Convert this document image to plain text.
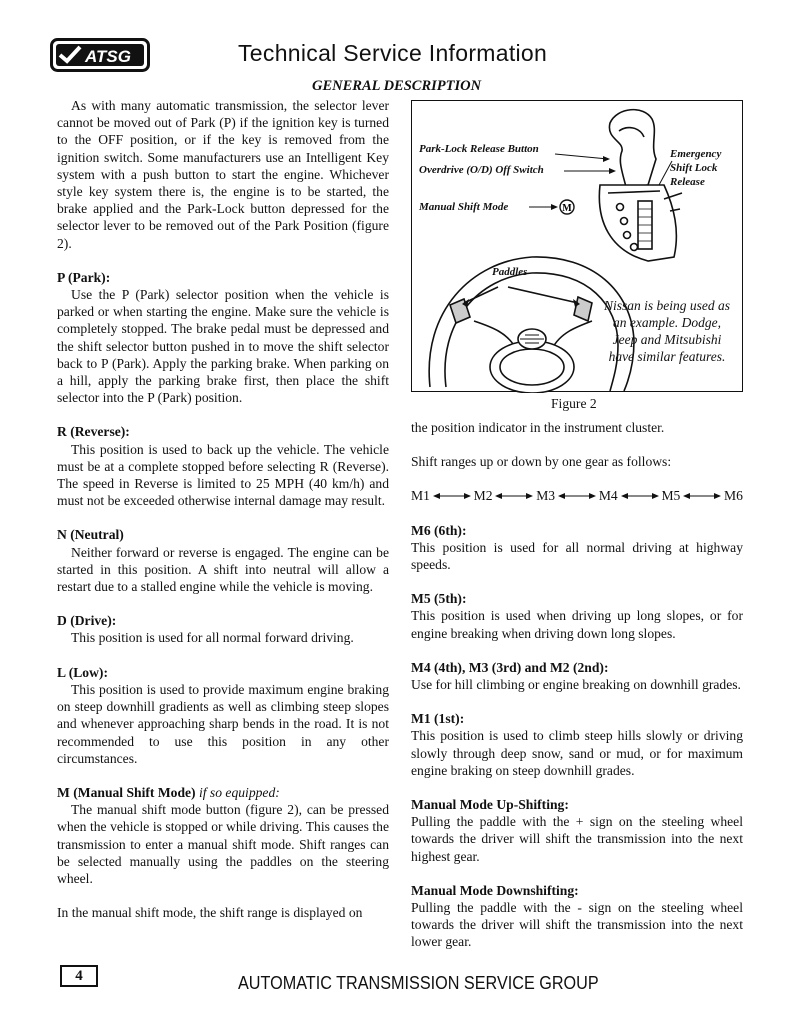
ATSG	Technical Service Information
GENERAL DESCRIPTION

As with many automatic transmission, the selector lever cannot be moved out of Park (P) if the ignition key is turned to the OFF position, or if the key is removed from the ignition switch. Some manufacturers use an Intelligent Key system with a push button to start the engine. Whichever style key system there is, the engine is to be started, the brake applied and the Park-Lock button depressed for the selector lever to be removed out of the Park Position (figure 2).

P (Park):

Use the P (Park) selector position when the vehicle is parked or when starting the engine. Make sure the vehicle is completely stopped. The brake pedal must be depressed and the shift selector button pushed in to move the shift selector back to P (Park). Apply the parking brake. When parking on a hill, apply the parking brake first, then place the shift selector into the P (Park) position.

R (Reverse):

This position is used to back up the vehicle. The vehicle must be at a complete stopped before selecting R (Reverse). The speed in Reverse is limited to 25 MPH (40 km/h) and must not be exceeded otherwise internal damage may result.

N (Neutral)

Neither forward or reverse is engaged. The engine can be started in this position. A shift into neutral will allow a restart due to a stalled engine while the vehicle is moving.

D (Drive):

This position is used for all normal forward driving.

L (Low):

This position is used to provide maximum engine braking on steep downhill gradients as well as climbing steep slopes and whenever approaching sharp bends in the road. It is not recommended to use this position in any other circumstances.

M (Manual Shift Mode) if so equipped:

The manual shift mode button (figure 2), can be pressed when the vehicle is stopped or while driving. This causes the transmission to enter a manual shift mode. Shift ranges can be selected manually using the paddles on the steering wheel.

In the manual shift mode, the shift range is displayed on

M
Park-Lock Release Button
Overdrive (O/D) Off Switch
Manual Shift Mode
Emergency Shift Lock Release
Paddles
Nissan is being used as an example. Dodge, Jeep and Mitsubishi have similar features.
Figure 2

the position indicator in the instrument cluster.

Shift ranges up or down by one gear as follows:

M1	M2	M3	M4	M5	M6
M6 (6th):

This position is used for all normal driving at highway speeds.

M5 (5th):

This position is used when driving up long slopes, or for engine breaking when driving down long slopes.

M4 (4th), M3 (3rd) and M2 (2nd):

Use for hill climbing or engine breaking on downhill grades.

M1 (1st):

This position is used to climb steep hills slowly or driving slowly through deep snow, sand or mud, or for maximum engine braking on steep downhill grades.

Manual Mode Up-Shifting:

Pulling the paddle with the + sign on the steeling wheel towards the driver will shift the transmission into the next highest gear.

Manual Mode Downshifting:

Pulling the paddle with the - sign on the steeling wheel towards the driver will shift the transmission into the next lower gear.

4	AUTOMATIC TRANSMISSION SERVICE GROUP
